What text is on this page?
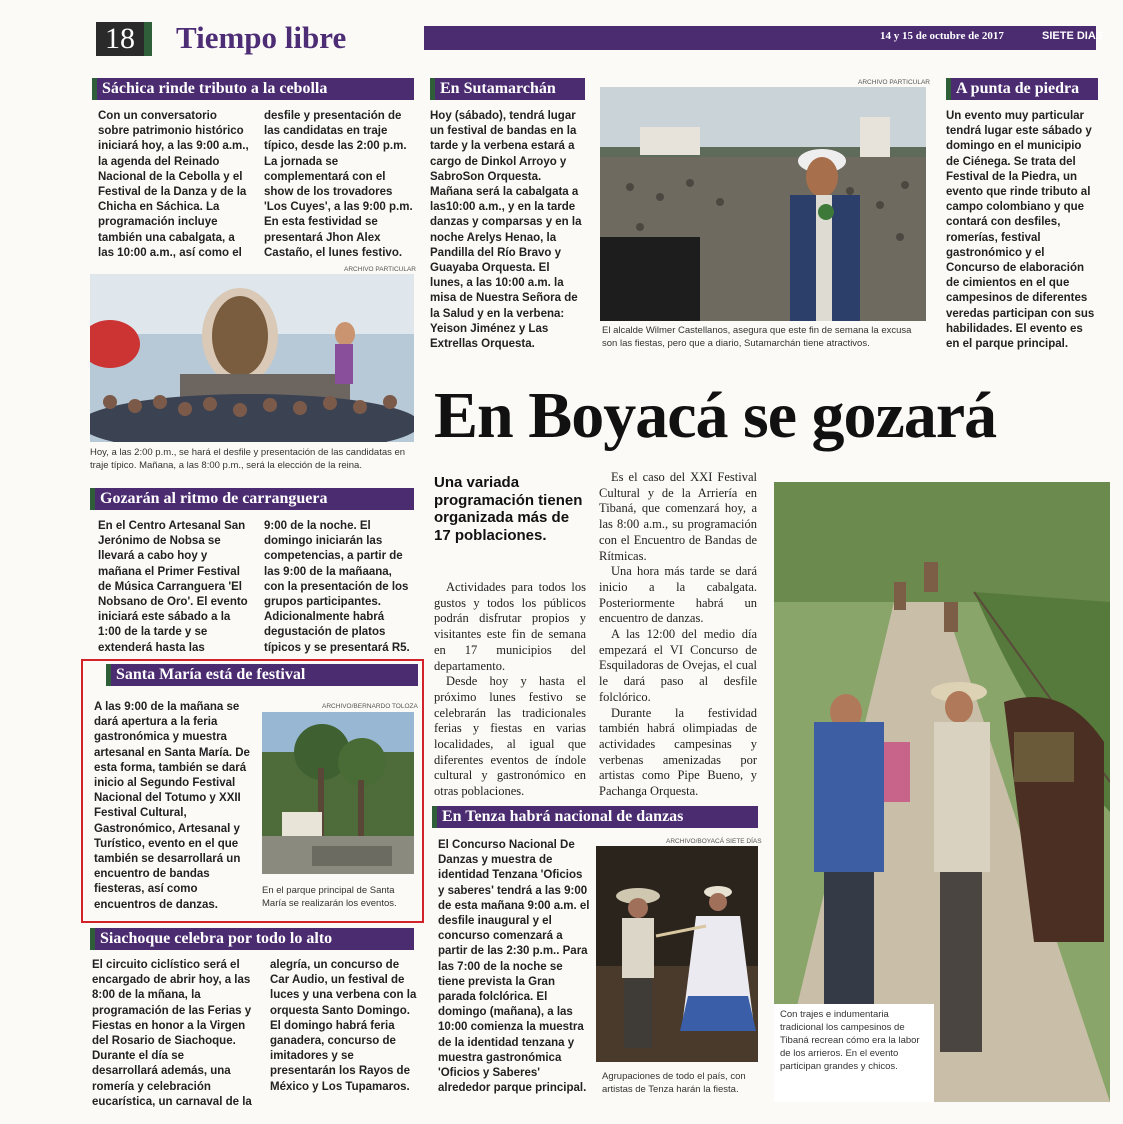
18 Tiempo libre	14 y 15 de octubre de 2017	SIETE DIAS
Sáchica rinde tributo a la cebolla
Con un conversatorio sobre patrimonio histórico iniciará hoy, a las 9:00 a.m., la agenda del Reinado Nacional de la Cebolla y el Festival de la Danza y de la Chicha en Sáchica. La programación incluye también una cabalgata, a las 10:00 a.m., así como el
desfile y presentación de las candidatas en traje típico, desde las 2:00 p.m. La jornada se complementará con el show de los trovadores 'Los Cuyes', a las 9:00 p.m. En esta festividad se presentará Jhon Alex Castaño, el lunes festivo.
ARCHIVO PARTICULAR
Hoy, a las 2:00 p.m., se hará el desfile y presentación de las candidatas en traje típico. Mañana, a las 8:00 p.m., será la elección de la reina.
En Sutamarchán
Hoy (sábado), tendrá lugar un festival de bandas en la tarde y la verbena estará a cargo de Dinkol Arroyo y SabroSon Orquesta. Mañana será la cabalgata a las10:00 a.m., y en la tarde danzas y comparsas y en la noche Arelys Henao, la Pandilla del Río Bravo y Guayaba Orquesta. El lunes, a las 10:00 a.m. la misa de Nuestra Señora de la Salud y en la verbena: Yeison Jiménez y Las Extrellas Orquesta.
ARCHIVO PARTICULAR
El alcalde Wilmer Castellanos, asegura que este fin de semana la excusa son las fiestas, pero que a diario, Sutamarchán tiene atractivos.
A punta de piedra
Un evento muy particular tendrá lugar este sábado y domingo en el municipio de Ciénega. Se trata del Festival de la Piedra, un evento que rinde tributo al campo colombiano y que contará con desfiles, romerías, festival gastronómico y el Concurso de elaboración de cimientos en el que campesinos de diferentes veredas participan con sus habilidades. El evento es en el parque principal.
En Boyacá se gozará
Una variada programación tienen organizada más de 17 poblaciones.

Actividades para todos los gustos y todos los públicos podrán disfrutar propios y visitantes este fin de semana en 17 municipios del departamento.

Desde hoy y hasta el próximo lunes festivo se celebrarán las tradicionales ferias y fiestas en varias localidades, al igual que diferentes eventos de índole cultural y gastronómico en otras poblaciones.

Es el caso del XXI Festival Cultural y de la Arriería en Tibaná, que comenzará hoy, a las 8:00 a.m., su programación con el Encuentro de Bandas de Rítmicas.

Una hora más tarde se dará inicio a la cabalgata. Posteriormente habrá un encuentro de danzas.

A las 12:00 del medio día empezará el VI Concurso de Esquiladoras de Ovejas, el cual le dará paso al desfile folclórico.

Durante la festividad también habrá olimpiadas de actividades campesinas y verbenas amenizadas por artistas como Pipe Bueno, y Pachanga Orquesta.

Con trajes e indumentaria tradicional los campesinos de Tibaná recrean cómo era la labor de los arrieros. En el evento participan grandes y chicos.
Gozarán al ritmo de carranguera
En el Centro Artesanal San Jerónimo de Nobsa se llevará a cabo hoy y mañana el Primer Festival de Música Carranguera 'El Nobsano de Oro'. El evento iniciará este sábado a la 1:00 de la tarde y se extenderá hasta las
9:00 de la noche. El domingo iniciarán las competencias, a partir de las 9:00 de la mañaana, con la presentación de los grupos participantes. Adicionalmente habrá degustación de platos típicos y se presentará R5.
Santa María está de festival
A las 9:00 de la mañana se dará apertura a la feria gastronómica y muestra artesanal en Santa María. De esta forma, también se dará inicio al Segundo Festival Nacional del Totumo y XXII Festival Cultural, Gastronómico, Artesanal y Turístico, evento en el que también se desarrollará un encuentro de bandas fiesteras, así como encuentros de danzas.
ARCHIVO/BERNARDO TOLOZA
En el parque principal de Santa María se realizarán los eventos.
En Tenza habrá nacional de danzas
El Concurso Nacional De Danzas y muestra de identidad Tenzana 'Oficios y saberes' tendrá a las 9:00 de esta mañana 9:00 a.m. el desfile inaugural y el concurso comenzará a partir de las 2:30 p.m.. Para las 7:00 de la noche se tiene prevista la Gran parada folclórica. El domingo (mañana), a las 10:00 comienza la muestra de la identidad tenzana y muestra gastronómica 'Oficios y Saberes' alrededor parque principal.
ARCHIVO/BOYACÁ SIETE DÍAS
Agrupaciones de todo el país, con artistas de Tenza harán la fiesta.
Siachoque celebra por todo lo alto
El circuito ciclístico será el encargado de abrir hoy, a las 8:00 de la mñana, la programación de las Ferias y Fiestas en honor a la Virgen del Rosario de Siachoque. Durante el día se desarrollará además, una romería y celebración eucarística, un carnaval de la
alegría, un concurso de Car Audio, un festival de luces y una verbena con la orquesta Santo Domingo. El domingo habrá feria ganadera, concurso de imitadores y se presentarán los Rayos de México y Los Tupamaros.
